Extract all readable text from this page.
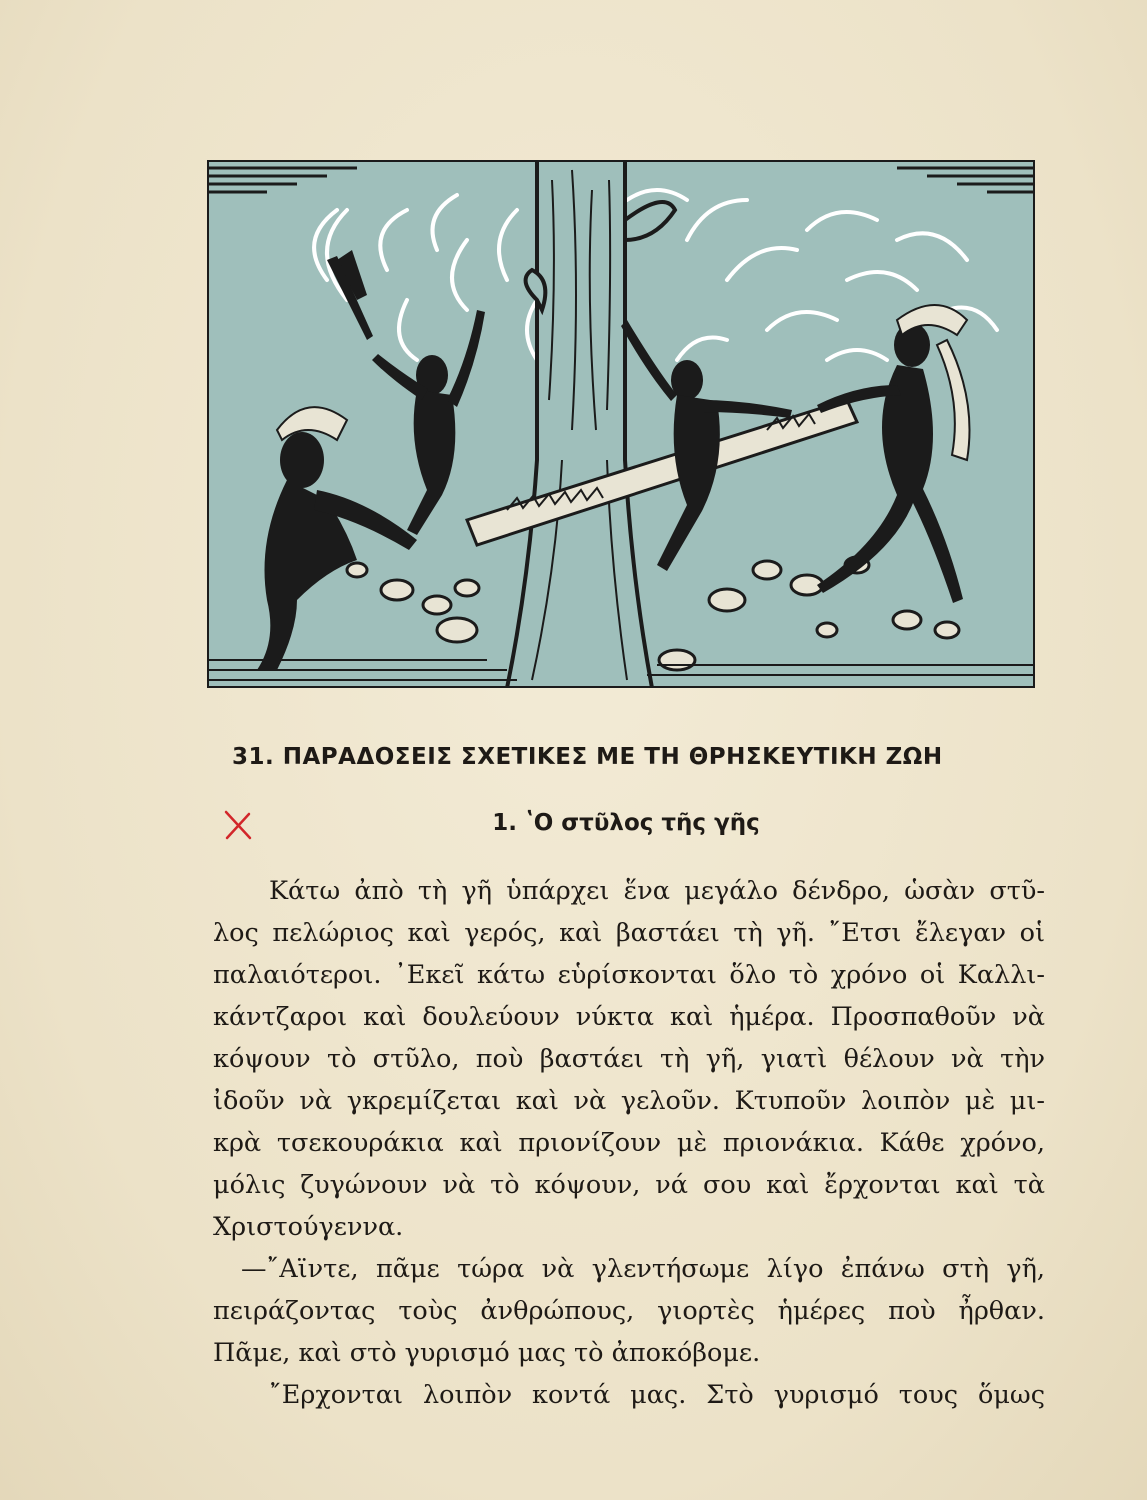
31. ΠΑΡΑΔΟΣΕΙΣ ΣΧΕΤΙΚΕΣ ΜΕ ΤΗ ΘΡΗΣΚΕΥΤΙΚΗ ΖΩΗ
1. ʽΟ στῦλος τῆς γῆς
Κάτω ἀπὸ τὴ γῆ ὑπάρχει ἕνα μεγάλο δένδρο, ὡσὰν στῦ-
λος πελώριος καὶ γερός, καὶ βαστάει τὴ γῆ. ῎Ετσι ἔλεγαν οἱ
παλαιότεροι. ᾿Εκεῖ κάτω εὑρίσκονται ὅλο τὸ χρόνο οἱ Καλλι-
κάντζαροι καὶ δουλεύουν νύκτα καὶ ἡμέρα. Προσπαθοῦν νὰ
κόψουν τὸ στῦλο, ποὺ βαστάει τὴ γῆ, γιατὶ θέλουν νὰ τὴν
ἰδοῦν νὰ γκρεμίζεται καὶ νὰ γελοῦν. Κτυποῦν λοιπὸν μὲ μι-
κρὰ τσεκουράκια καὶ πριονίζουν μὲ πριονάκια. Κάθε χρόνο,
μόλις ζυγώνουν νὰ τὸ κόψουν, νά σου καὶ ἔρχονται καὶ τὰ
Χριστούγεννα.
—῎Αϊντε, πᾶμε τώρα νὰ γλεντήσωμε λίγο ἐπάνω στὴ γῆ,
πειράζοντας τοὺς ἀνθρώπους, γιορτὲς ἡμέρες ποὺ ἦρθαν.
Πᾶμε, καὶ στὸ γυρισμό μας τὸ ἀποκόβομε.
῎Ερχονται λοιπὸν κοντά μας. Στὸ γυρισμό τους ὅμως
